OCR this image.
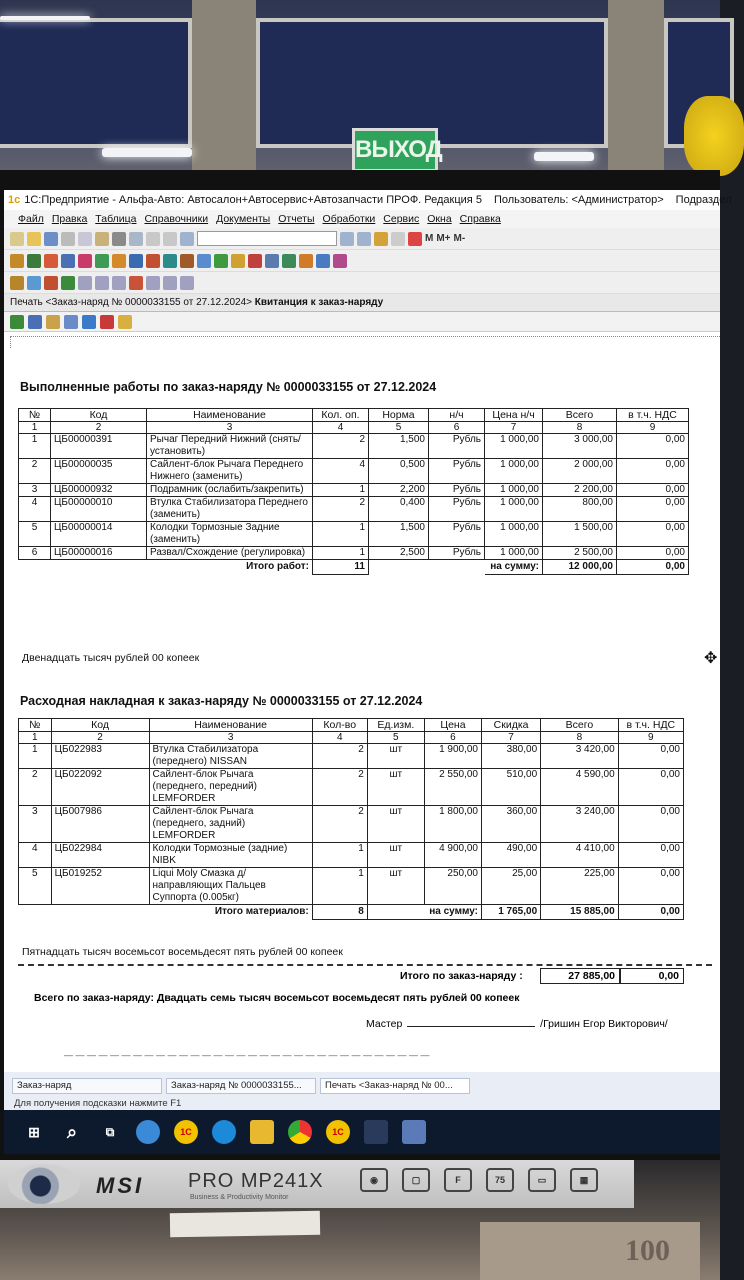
ВЫХОД
1c 1С:Предприятие - Альфа-Авто: Автосалон+Автосервис+Автозапчасти ПРОФ. Редакция 5 Пользователь: <Администратор> Подраздел
Файл Правка Таблица Справочники Документы Отчеты Обработки Сервис Окна Справка
M M+ M-
Печать <Заказ-наряд № 0000033155 от 27.12.2024> Квитанция к заказ-наряду
Выполненные работы по заказ-наряду № 0000033155 от 27.12.2024
№	Код	Наименование	Кол. оп.	Норма	н/ч	Цена н/ч	Всего	в т.ч. НДС
1	2	3	4	5	6	7	8	9
1	ЦБ00000391	Рычаг Передний Нижний (снять/установить)	2	1,500	Рубль	1 000,00	3 000,00	0,00
2	ЦБ00000035	Сайлент-блок Рычага Переднего Нижнего (заменить)	4	0,500	Рубль	1 000,00	2 000,00	0,00
3	ЦБ00000932	Подрамник (ослабить/закрепить)	1	2,200	Рубль	1 000,00	2 200,00	0,00
4	ЦБ00000010	Втулка Стабилизатора Переднего (заменить)	2	0,400	Рубль	1 000,00	800,00	0,00
5	ЦБ00000014	Колодки Тормозные Задние (заменить)	1	1,500	Рубль	1 000,00	1 500,00	0,00
6	ЦБ00000016	Развал/Схождение (регулировка)	1	2,500	Рубль	1 000,00	2 500,00	0,00
		Итого работ:	11			на сумму:	12 000,00	0,00
Двенадцать тысяч рублей 00 копеек
Расходная накладная к заказ-наряду № 0000033155 от 27.12.2024
№	Код	Наименование	Кол-во	Ед.изм.	Цена	Скидка	Всего	в т.ч. НДС
1	2	3	4	5	6	7	8	9
1	ЦБ022983	Втулка Стабилизатора (переднего) NISSAN	2	шт	1 900,00	380,00	3 420,00	0,00
2	ЦБ022092	Сайлент-блок Рычага (переднего, передний) LEMFORDER	2	шт	2 550,00	510,00	4 590,00	0,00
3	ЦБ007986	Сайлент-блок Рычага (переднего, задний) LEMFORDER	2	шт	1 800,00	360,00	3 240,00	0,00
4	ЦБ022984	Колодки Тормозные (задние) NIBK	1	шт	4 900,00	490,00	4 410,00	0,00
5	ЦБ019252	Liqui Moly Смазка д/направляющих Пальцев Суппорта (0.005кг)	1	шт	250,00	25,00	225,00	0,00
		Итого материалов:	8	на сумму:		1 765,00	15 885,00	0,00
Пятнадцать тысяч восемьсот восемьдесят пять рублей 00 копеек
Итого по заказ-наряду :	27 885,00	0,00
Всего по заказ-наряду: Двадцать семь тысяч восемьсот восемьдесят пять рублей 00 копеек
Мастер	/Гришин Егор Викторович/
— — — — — — — — — — — — — — — — — — — — — — — — — — — — — — — —
✥
Заказ-наряд	Заказ-наряд № 0000033155...	Печать <Заказ-наряд № 00...
Для получения подсказки нажмите F1
⊞	⌕	⧉	1C	1C
MSI PRO MP241X
Business & Productivity Monitor
◉	▢	F	75	▭	▦
100
